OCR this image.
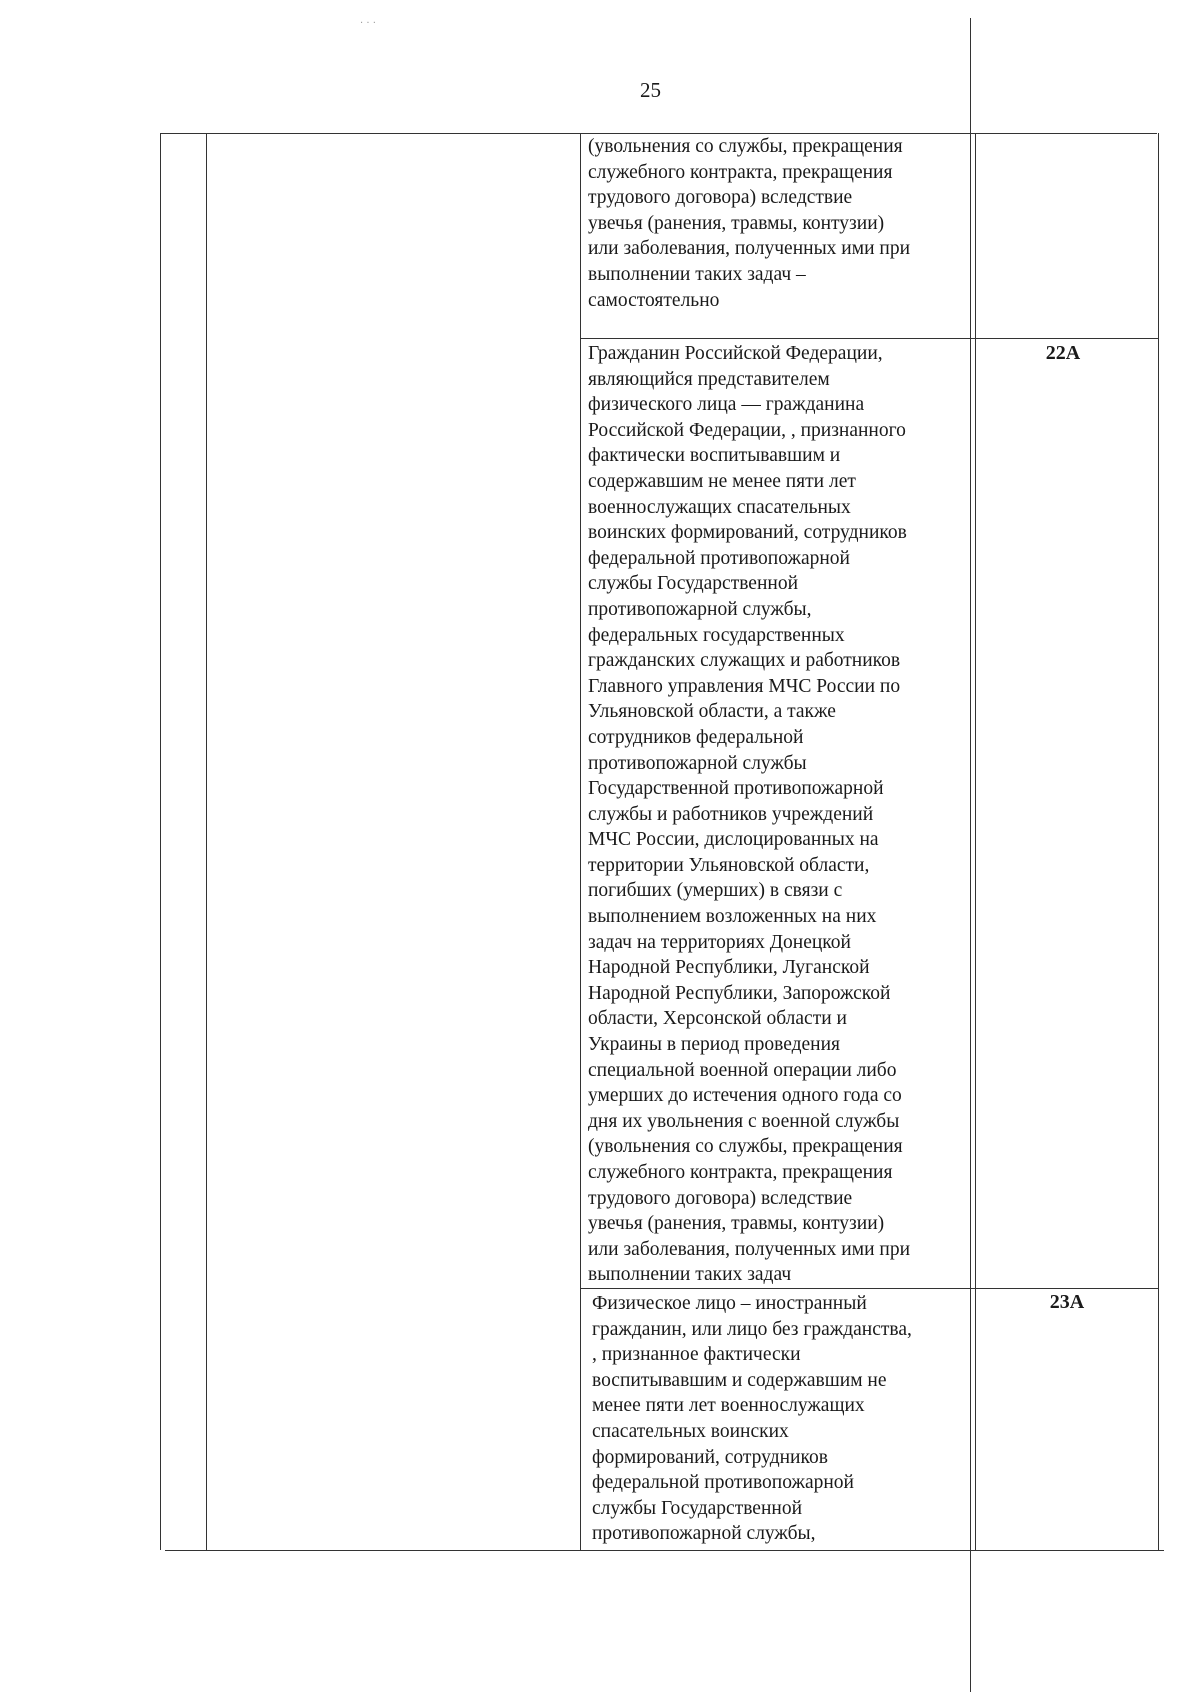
· · ·
25
(увольнения со службы, прекращения
служебного контракта, прекращения
трудового договора) вследствие
увечья (ранения, травмы, контузии)
или заболевания, полученных ими при
выполнении таких задач –
самостоятельно
Гражданин Российской Федерации,
являющийся представителем
физического лица –– гражданина
Российской Федерации, , признанного
фактически воспитывавшим и
содержавшим не менее пяти лет
военнослужащих спасательных
воинских формирований, сотрудников
федеральной противопожарной
службы Государственной
противопожарной службы,
федеральных государственных
гражданских служащих и работников
Главного управления МЧС России по
Ульяновской области, а также
сотрудников федеральной
противопожарной службы
Государственной противопожарной
службы и работников учреждений
МЧС России, дислоцированных на
территории Ульяновской области,
погибших (умерших) в связи с
выполнением возложенных на них
задач на территориях Донецкой
Народной Республики, Луганской
Народной Республики, Запорожской
области, Херсонской области и
Украины в период проведения
специальной военной операции либо
умерших до истечения одного года со
дня их увольнения с военной службы
(увольнения со службы, прекращения
служебного контракта, прекращения
трудового договора) вследствие
увечья (ранения, травмы, контузии)
или заболевания, полученных ими при
выполнении таких задач
22А
Физическое лицо – иностранный
гражданин, или лицо без гражданства,
, признанное фактически
воспитывавшим и содержавшим не
менее пяти лет военнослужащих
спасательных воинских
формирований, сотрудников
федеральной противопожарной
службы Государственной
противопожарной службы,
23А
